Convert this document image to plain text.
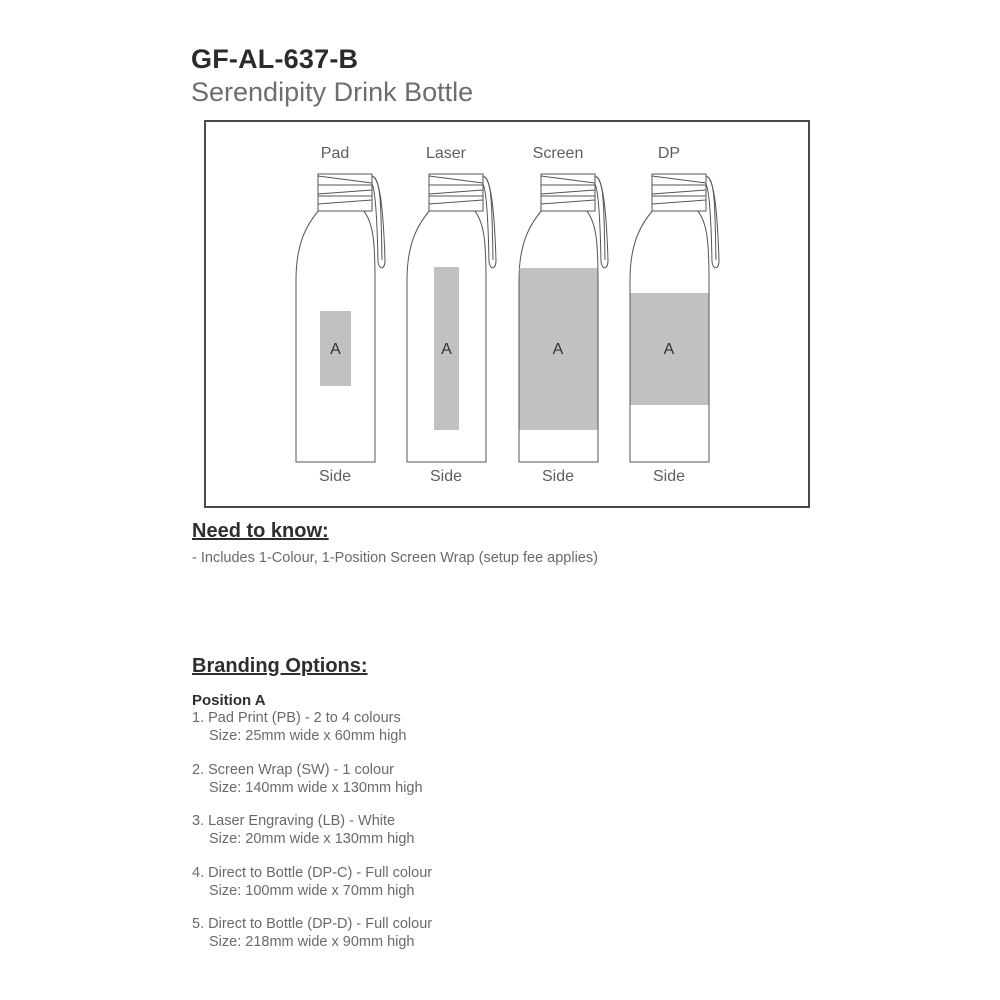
GF-AL-637-B
Serendipity Drink Bottle
Pad
A
Side
Laser
A
Side
Screen
A
Side
DP
A
Side
Need to know:
- Includes 1-Colour, 1-Position Screen Wrap (setup fee applies)
Branding Options:
Position A
1. Pad Print (PB) - 2 to 4 colours
Size: 25mm wide x 60mm high
2. Screen Wrap (SW) - 1 colour
Size: 140mm wide x 130mm high
3. Laser Engraving (LB) - White
Size: 20mm wide x 130mm high
4. Direct to Bottle (DP-C) - Full colour
Size: 100mm wide x 70mm high
5. Direct to Bottle (DP-D) - Full colour
Size: 218mm wide x 90mm high
